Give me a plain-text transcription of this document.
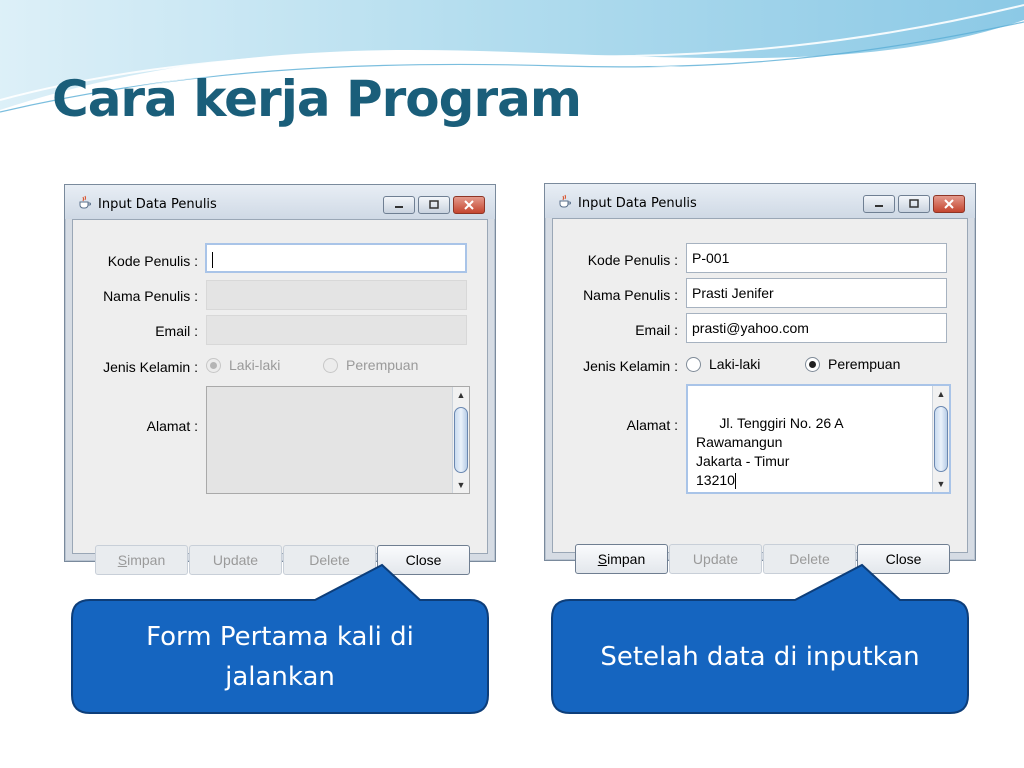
Cara kerja Program
Input Data Penulis
Kode Penulis :
Nama Penulis :
Email :
Jenis Kelamin : Laki-laki	Perempuan
Alamat :

▲

▼

S impan	Update	Delete	Close
Input Data Penulis
Kode Penulis :	P-001
Nama Penulis :	Prasti Jenifer
Email :	prasti@yahoo.com
Jenis Kelamin : Laki-laki	Perempuan
Alamat :	Jl. Tenggiri No. 26 A
Rawamangun
Jakarta - Timur
13210

▲

▼

S impan	Update	Delete	Close
Form Pertama kali di jalankan
Setelah data di inputkan
